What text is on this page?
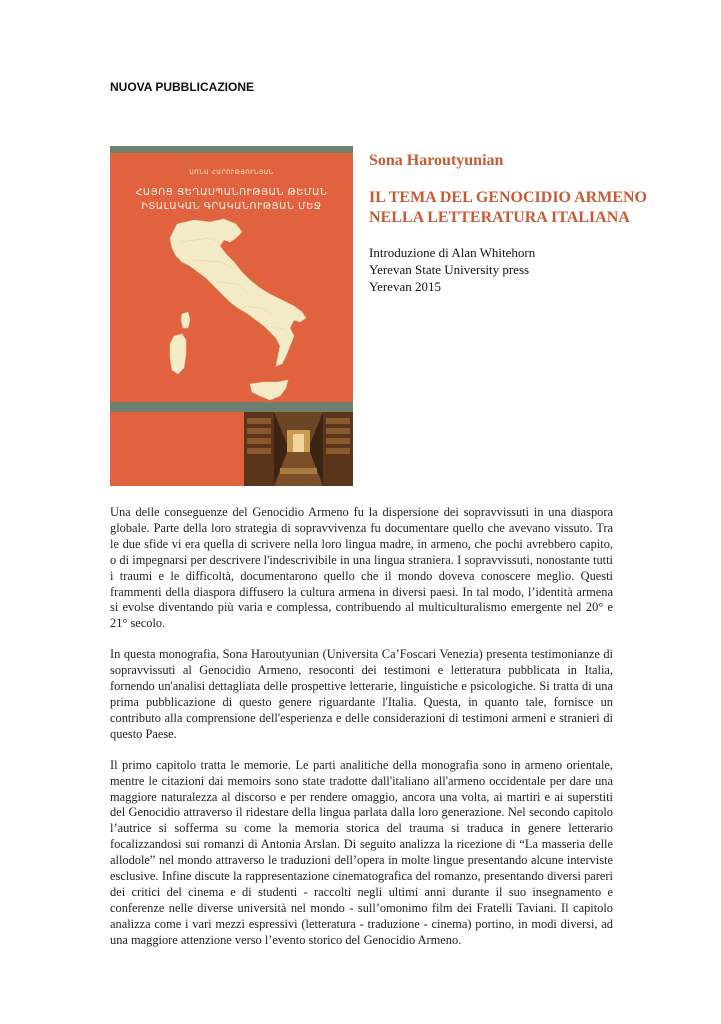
NUOVA PUBBLICAZIONE
ՍՈՆԱ ՀԱՐՈՒԹՅՈՒՆՅԱՆ
ՀԱՅՈՑ ՑԵՂԱՍՊԱՆՈՒԹՅԱՆ ԹԵՄԱՆ
ԻՏԱԼԱԿԱՆ ԳՐԱԿԱՆՈՒԹՅԱՆ ՄԵՋ
Sona Haroutyunian
IL TEMA DEL GENOCIDIO ARMENO
NELLA LETTERATURA ITALIANA
Introduzione di Alan Whitehorn
Yerevan State University press
Yerevan 2015

Una delle conseguenze del Genocidio Armeno fu la dispersione dei sopravvissuti in una diaspora globale. Parte della loro strategia di sopravvivenza fu documentare quello che avevano vissuto. Tra le due sfide vi era quella di scrivere nella loro lingua madre, in armeno, che pochi avrebbero capito, o di impegnarsi per descrivere l'indescrivibile in una lingua straniera. I sopravvissuti, nonostante tutti i traumi e le difficoltà, documentarono quello che il mondo doveva conoscere meglio. Questi frammenti della diaspora diffusero la cultura armena in diversi paesi. In tal modo, l’identità armena si evolse diventando più varia e complessa, contribuendo al multiculturalismo emergente nel 20° e 21° secolo.

In questa monografia, Sona Haroutyunian (Universita Ca’Foscari Venezia) presenta testimonianze di sopravvissuti al Genocidio Armeno, resoconti dei testimoni e letteratura pubblicata in Italia, fornendo un'analisi dettagliata delle prospettive letterarie, linguistiche e psicologiche. Si tratta di una prima pubblicazione di questo genere riguardante l'Italia. Questa, in quanto tale, fornisce un contributo alla comprensione dell'esperienza e delle considerazioni di testimoni armeni e stranieri di questo Paese.

Il primo capitolo tratta le memorie. Le parti analitiche della monografia sono in armeno orientale, mentre le citazioni dai memoirs sono state tradotte dall'italiano all'armeno occidentale per dare una maggiore naturalezza al discorso e per rendere omaggio, ancora una volta, ai martiri e ai superstiti del Genocidio attraverso il ridestare della lingua parlata dalla loro generazione. Nel secondo capitolo l’autrice si sofferma su come la memoria storica del trauma si traduca in genere letterario focalizzandosi sui romanzi di Antonia Arslan. Di seguito analizza la ricezione di “La masseria delle allodole” nel mondo attraverso le traduzioni dell’opera in molte lingue presentando alcune interviste esclusive. Infine discute la rappresentazione cinematografica del romanzo, presentando diversi pareri dei critici del cinema e di studenti - raccolti negli ultimi anni durante il suo insegnamento e conferenze nelle diverse università nel mondo - sull’omonimo film dei Fratelli Taviani. Il capitolo analizza come i vari mezzi espressivi (letteratura - traduzione - cinema) portino, in modi diversi, ad una maggiore attenzione verso l’evento storico del Genocidio Armeno.
